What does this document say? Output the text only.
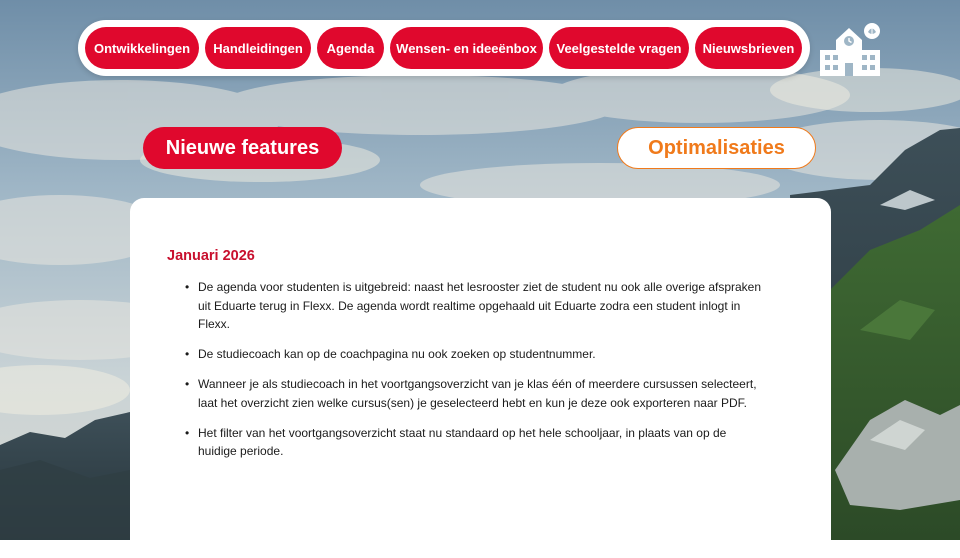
Ontwikkelingen	Handleidingen	Agenda	Wensen- en ideeënbox	Veelgestelde vragen	Nieuwsbrieven
Nieuwe features	Optimalisaties
Januari 2026
• De agenda voor studenten is uitgebreid: naast het lesrooster ziet de student nu ook alle overige afspraken uit Eduarte terug in Flexx. De agenda wordt realtime opgehaald uit Eduarte zodra een student inlogt in Flexx.
• De studiecoach kan op de coachpagina nu ook zoeken op studentnummer.
• Wanneer je als studiecoach in het voortgangsoverzicht van je klas één of meerdere cursussen selecteert, laat het overzicht zien welke cursus(sen) je geselecteerd hebt en kun je deze ook exporteren naar PDF.
• Het filter van het voortgangsoverzicht staat nu standaard op het hele schooljaar, in plaats van op de huidige periode.
